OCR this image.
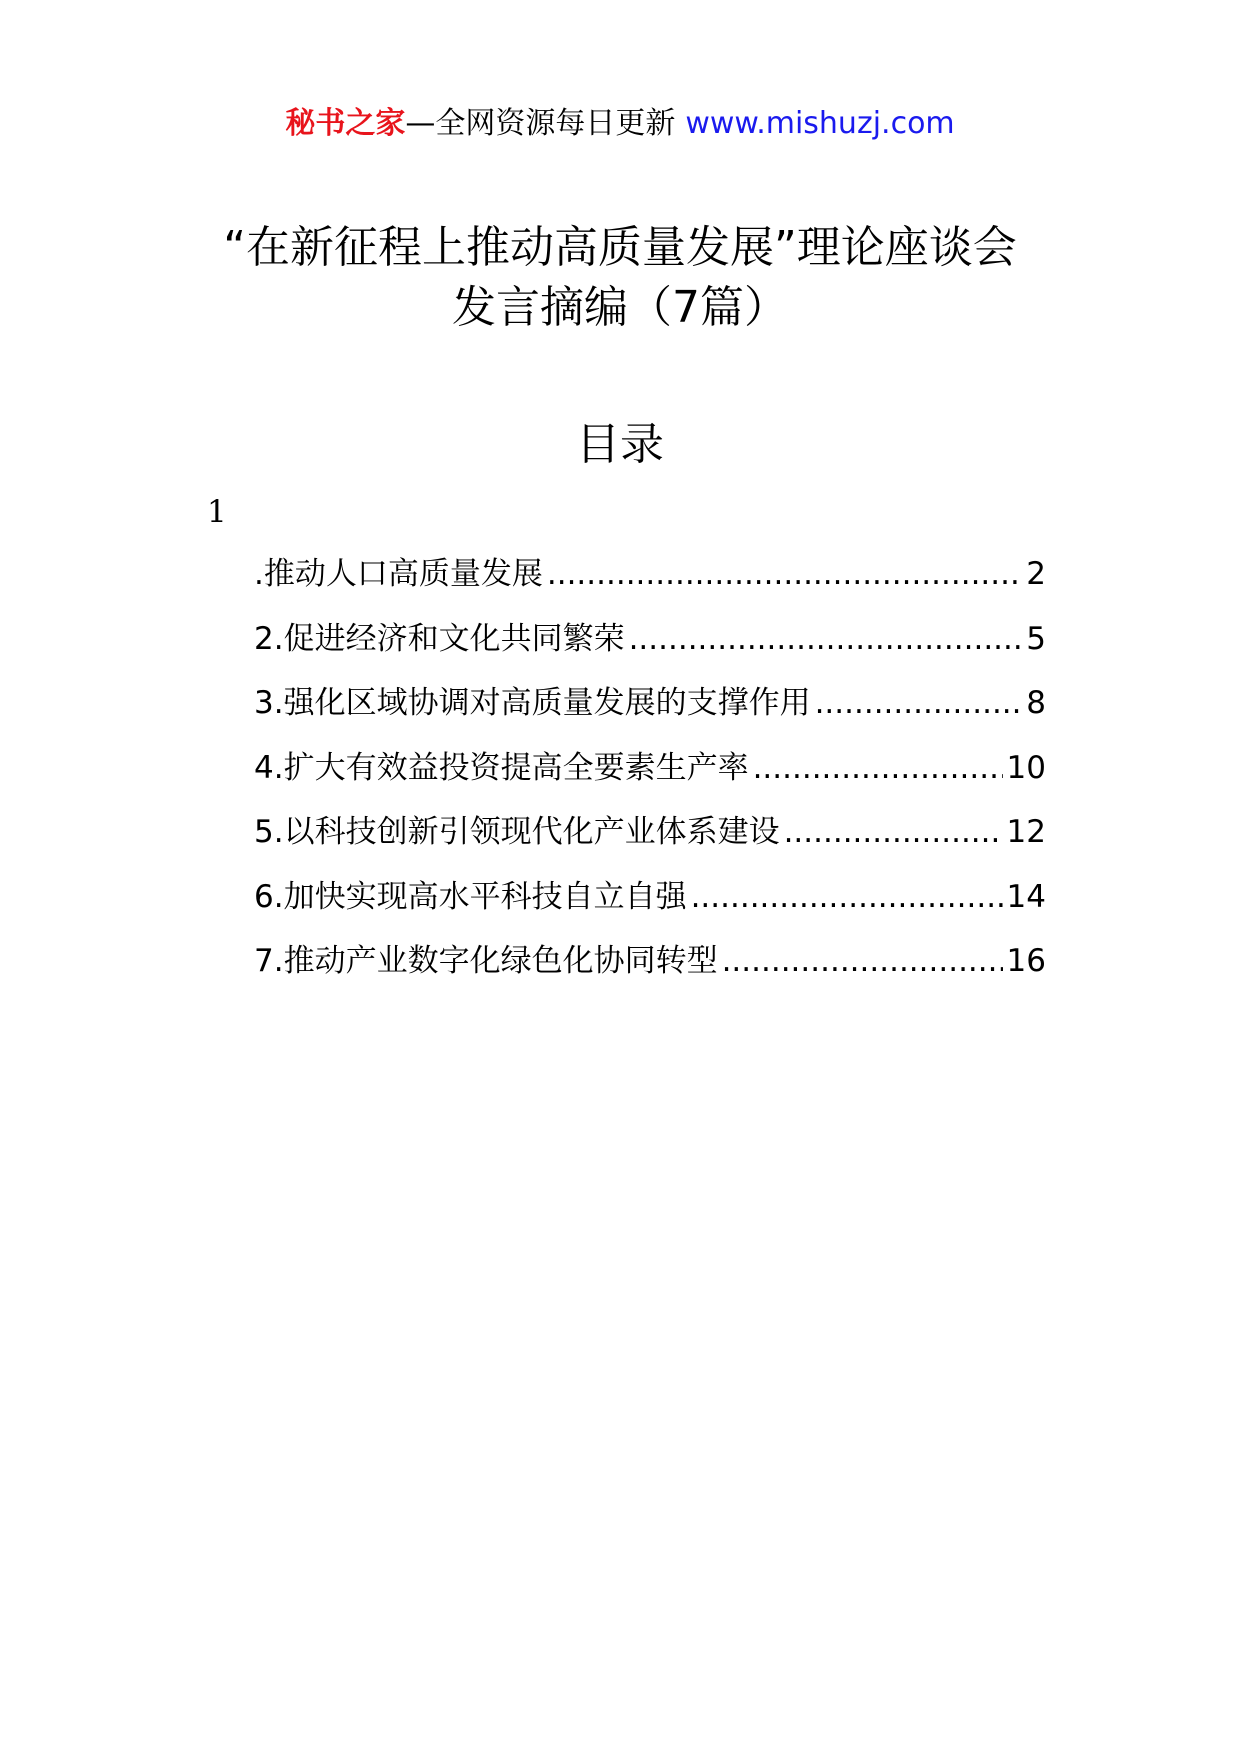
秘书之家—全网资源每日更新 www.mishuzj.com
“在新征程上推动高质量发展”理论座谈会
发言摘编（7篇）
目录
1
.推动人口高质量发展 .....	2
2.促进经济和文化共同繁荣 .....	5
3.强化区域协调对高质量发展的支撑作用 .....	8
4.扩大有效益投资提高全要素生产率 .....	10
5.以科技创新引领现代化产业体系建设 .....	12
6.加快实现高水平科技自立自强 .....	14
7.推动产业数字化绿色化协同转型 .....	16
